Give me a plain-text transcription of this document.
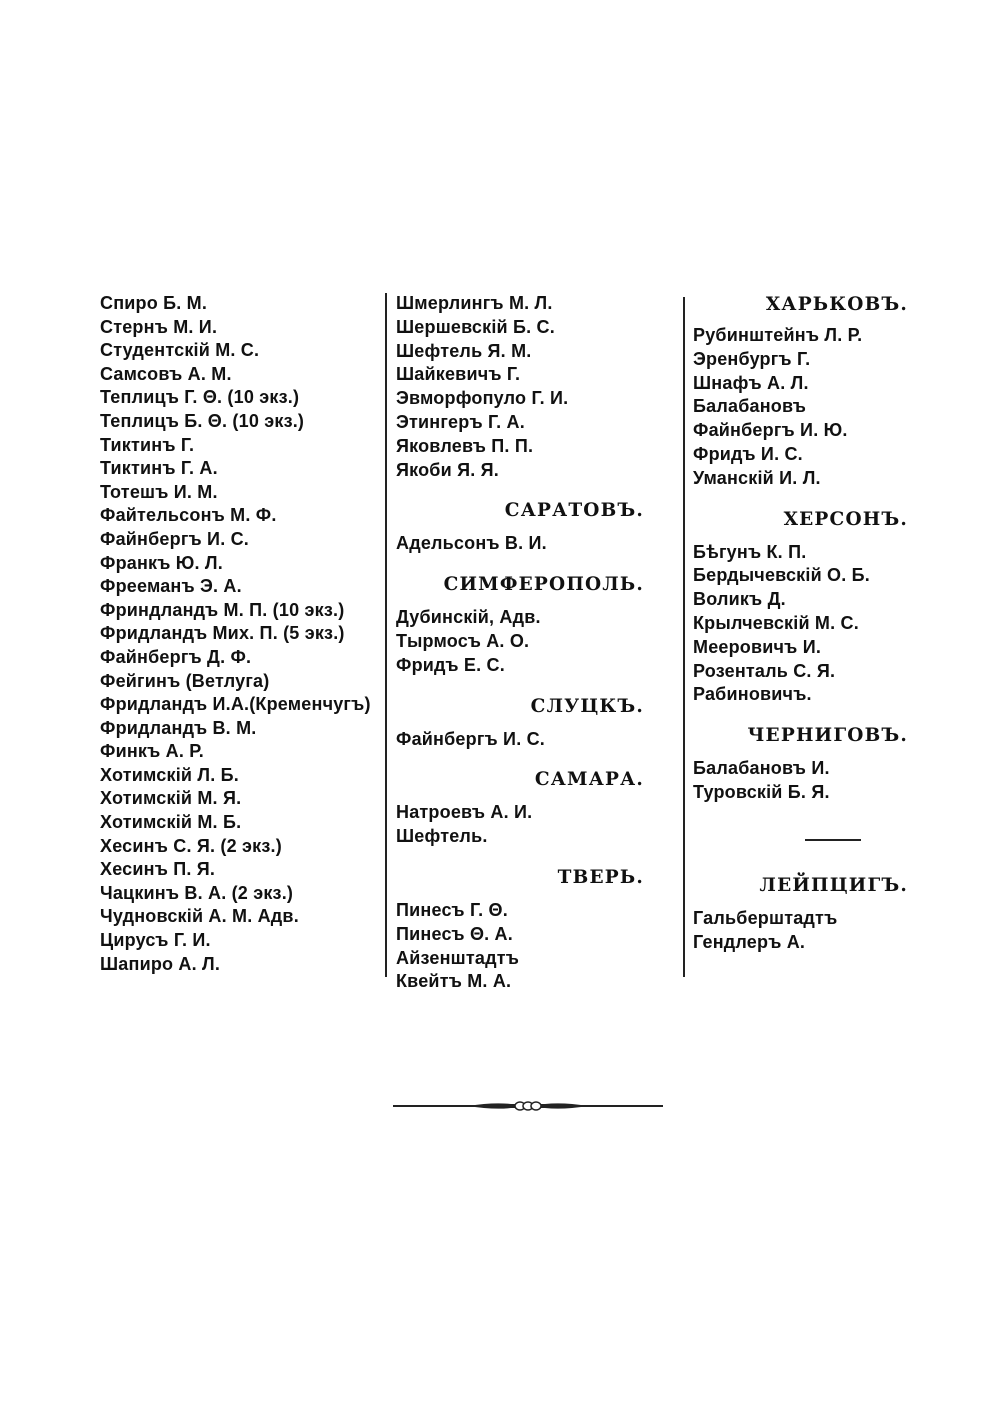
Спиро Б. М.
Стернъ М. И.
Студентскій М. С.
Самсовъ А. М.
Теплицъ Г. Θ. (10 экз.)
Теплицъ Б. Θ. (10 экз.)
Тиктинъ Г.
Тиктинъ Г. А.
Тотешъ И. М.
Файтельсонъ М. Ф.
Файнбергъ И. С.
Франкъ Ю. Л.
Фрееманъ Э. А.
Фриндландъ М. П. (10 экз.)
Фридландъ Мих. П. (5 экз.)
Файнбергъ Д. Ф.
Фейгинъ (Ветлуга)
Фридландъ И.А.(Кременчугъ)
Фридландъ В. М.
Финкъ А. Р.
Хотимскій Л. Б.
Хотимскій М. Я.
Хотимскій М. Б.
Хесинъ С. Я. (2 экз.)
Хесинъ П. Я.
Чацкинъ В. А. (2 экз.)
Чудновскій А. М. Адв.
Цирусъ Г. И.
Шапиро А. Л.
Шмерлингъ М. Л.
Шершевскій Б. С.
Шефтель Я. М.
Шайкевичъ Г.
Эвморфопуло Г. И.
Этингеръ Г. А.
Яковлевъ П. П.
Якоби Я. Я.
САРАТОВЪ.
Адельсонъ В. И.
СИМФЕРОПОЛЬ.
Дубинскій, Адв.
Тырмосъ А. О.
Фридъ Е. С.
СЛУЦКЪ.
Файнбергъ И. С.
САМАРА.
Натроевъ А. И.
Шефтель.
ТВЕРЬ.
Пинесъ Г. Θ.
Пинесъ Θ. А.
Айзенштадтъ
Квейтъ М. А.
ХАРЬКОВЪ.
Рубинштейнъ Л. Р.
Эренбургъ Г.
Шнафъ А. Л.
Балабановъ
Файнбергъ И. Ю.
Фридъ И. С.
Уманскій И. Л.
ХЕРСОНЪ.
Бѣгунъ К. П.
Бердычевскій О. Б.
Воликъ Д.
Крылчевскій М. С.
Мееровичъ И.
Розенталь С. Я.
Рабиновичъ.
ЧЕРНИГОВЪ.
Балабановъ И.
Туровскій Б. Я.
ЛЕЙПЦИГЪ.
Гальберштадтъ
Гендлеръ А.
